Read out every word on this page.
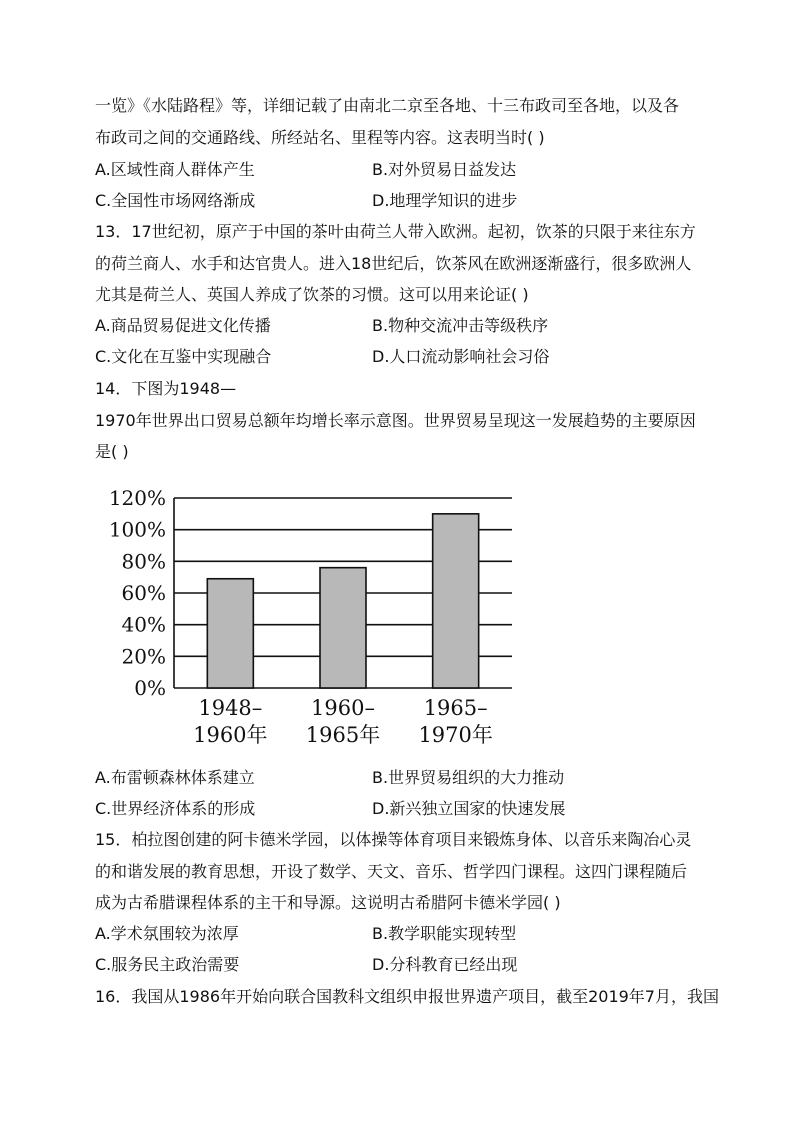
一览》《水陆路程》等，详细记载了由南北二京至各地、十三布政司至各地，以及各
布政司之间的交通路线、所经站名、里程等内容。这表明当时( )
A.区域性商人群体产生	B.对外贸易日益发达
C.全国性市场网络渐成	D.地理学知识的进步
13．17世纪初，原产于中国的茶叶由荷兰人带入欧洲。起初，饮茶的只限于来往东方
的荷兰商人、水手和达官贵人。进入18世纪后，饮茶风在欧洲逐渐盛行，很多欧洲人
尤其是荷兰人、英国人养成了饮茶的习惯。这可以用来论证( )
A.商品贸易促进文化传播	B.物种交流冲击等级秩序
C.文化在互鉴中实现融合	D.人口流动影响社会习俗
14．下图为1948—
1970年世界出口贸易总额年均增长率示意图。世界贸易呈现这一发展趋势的主要原因
是( )
0%
20%
40%
60%
80%
100%
120%
1948–
1960年
1960–
1965年
1965–
1970年
A.布雷顿森林体系建立	B.世界贸易组织的大力推动
C.世界经济体系的形成	D.新兴独立国家的快速发展
15．柏拉图创建的阿卡德米学园，以体操等体育项目来锻炼身体、以音乐来陶冶心灵
的和谐发展的教育思想，开设了数学、天文、音乐、哲学四门课程。这四门课程随后
成为古希腊课程体系的主干和导源。这说明古希腊阿卡德米学园( )
A.学术氛围较为浓厚	B.教学职能实现转型
C.服务民主政治需要	D.分科教育已经出现
16．我国从1986年开始向联合国教科文组织申报世界遗产项目，截至2019年7月，我国
